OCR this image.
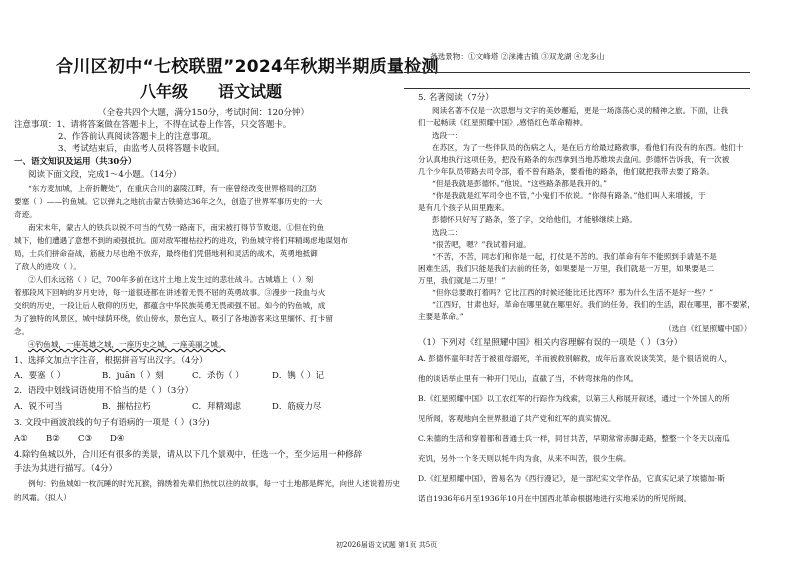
合川区初中“七校联盟”2024年秋期半期质量检测
八年级 语文试题
（全卷共四个大题，满分150分，考试时间：120分钟）
注意事项：1、请将答案做在答题卡上，不得在试卷上作答，只交答题卡。
2、作答前认真阅读答题卡上的注意事项。
3、考试结束后，由监考人员将答题卡收回。
一、语文知识及运用（共30分）
阅读下面文段，完成1～4小题。（14分）
“东方麦加城，上帝折鞭处”，在重庆合川的嘉陵江畔，有一座曾经改变世界格局的江防
要塞（ ）——钓鱼城。它以弹丸之地抗击蒙古铁骑达36年之久，创造了世界军事历史的一大
奇迹。
南宋末年，蒙古人的铁兵以锐不可当的气势一路南下，南宋被打得节节败退。①但在钓鱼
城下，他们遭遇了意想不到的顽强抵抗。面对敌军摧枯拉朽的进攻，钓鱼城守将们拜精竭虑地谋划布
局，士兵们拼命奋战，筋疲力尽也绝不放弃，最终他们凭借地利和灵活的战术，英勇地抵御
了敌人的进攻（ ）。
②人们永远铭（ ）记，700年多前在这片土地上发生过的悲壮战斗。古城墙上（ ）刻
着那段风下回响的岁月史诗，每一道很迹都在讲述着无畏不屈的英勇故事。③漫步一段血与火
交织的历史，一段让后人敬仰的历史，都蕴含中华民族英勇无畏顽强不屈。如今的钓鱼城，成
为了独特的风景区，城中绿荫环绕，依山傍水，景色宜人，吸引了各地游客来这里缅怀、打卡留
念。
④钓鱼城，一座英雄之城，一座历史之城，一座美丽之城。
1、选择文加点字注音，根据拼音写出汉字。（4分）
A．要塞（ ）	B．juān（ ）刻	C．杀伤（ ）	D．镌（ ）记
2．语段中划线词语使用不恰当的是（ ）（3分）
A．锐不可当	B．摧枯拉朽	C．拜精竭虑	D．筋疲力尽
3. 文段中画波浪线的句子有语病的一项是（ ）(3分)
A① B② C③ D④
4.除钓鱼城以外，合川还有很多的美景，请从以下几个景观中，任选一个，至少运用一种修辞
手法为其进行描写。（4分）
例句：钓鱼城如一枚沉睡的时光瓦猴，锦绣着先辈们热忱以往的故事，每一寸土地都是辉光，向世人述说着历史
的风霜。（拟人）
备选景物：①文峰塔 ②涞滩古镇 ③双龙湖 ④龙多山
5. 名著阅读（7分）
阅读名著不仅是一次思想与文字的美妙邂逅，更是一场涤荡心灵的精神之旅。下面，让我
们一起畅读《红星照耀中国》,感悟红色革命精神。
选段一：
在苏区，为了一些伴队员的伤病之人，是在后方给最过路救事，看他们有没有的东西。他们十
分认真地执行这项任务，把没有路条的东西拿到当地苏维埃去盘问。彭德怀告诉我，有一次被
几个少年队员带路去司令部，看不曾有路条，要看他的路条，他们就把我带去要了路条。
“但是我就是彭德怀。”他说。“这些路条都是我开的。”
“你是我就是红军司令也不管，”小鬼们不依说。“你得有路条。”他们叫人来增援，于
是有几个孩子从田里跑来。
彭德怀只好写了路条，签了字，交给他们，才能够继续上路。
选段二：
“很苦吧，嗯？”我试着问道。
“不苦，不苦，同志们和你是一起，打仗是不苦的。我们革命有年不能照到手请是不是
困难生活，我们只能是我们去前的任务，如果要是一万里，我们就是一万里，如果要是二
万里，我们就是二万里！”
“但你总要敢打着吗？它比江西的时候还能比还比西环？那为什么生活不是好一些？”
“江西好，甘肃也好，革命在哪里就在哪里好。我们的任务，我们的生活，跟在哪里，都不要紧，
主要是革命。”
（选自《红星照耀中国》）
（1）下列对《红星照耀中国》相关内容理解有误的一项是（ ）（3分）
A. 彭德怀童年时苦于被祖母溺死，羊而被救别解救，成年后喜欢说谈笑笑，是个很话说的人，
他的谈话举止里有一种开门见山，直截了当，不转弯抹角的作风。
B.《红星照耀中国》以工农红军的行踪作为线索，以第三人称展开叙述，通过一个外国人的所
见所闻，客观地向全世界报道了共产党和红军的真实情况。
C.朱德的生活和穿着都和普通士兵一样，同甘共苦，早期常常赤脚走路，整整一个冬天以南瓜
充饥，另外一个冬天则以牦牛肉为食，从来不叫苦，很少生病。
D.《红星照耀中国》，曾易名为《西行漫记》，是一部纪实文学作品，它真实记录了埃德加·斯
诺自1936年6月至1936年10月在中国西北革命根据地进行实地采访的所见所闻。
初2026届语文试题 第1页 共5页
